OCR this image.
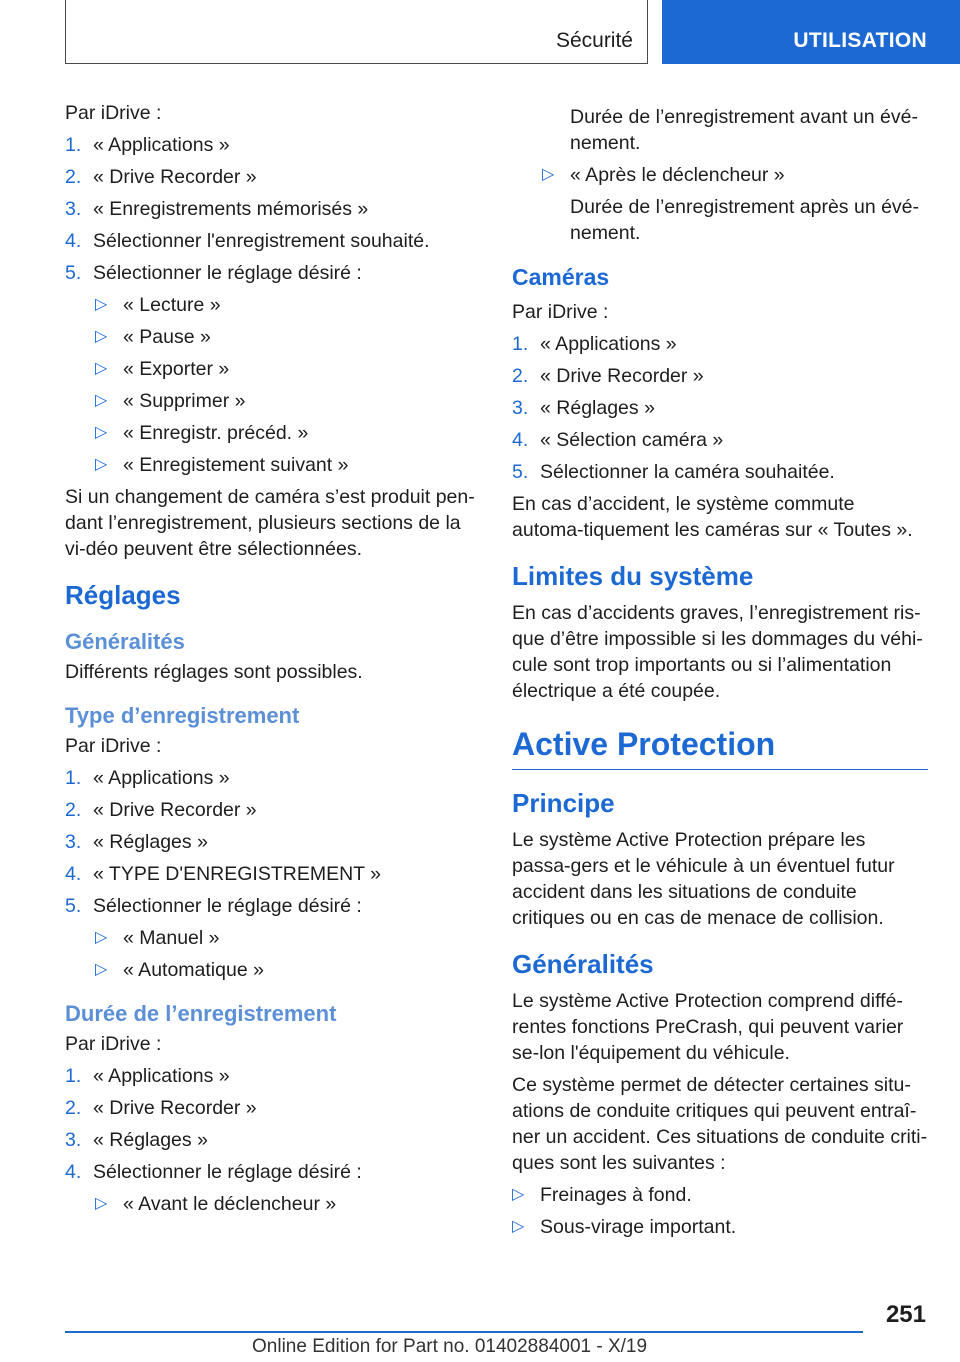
Sécurité	UTILISATION

Par iDrive :

1. « Applications »
2. « Drive Recorder »
3. « Enregistrements mémorisés »
4. Sélectionner l'enregistrement souhaité.
5. Sélectionner le réglage désiré :
▷ « Lecture »
▷ « Pause »
▷ « Exporter »
▷ « Supprimer »
▷ « Enregistr. précéd. »
▷ « Enregistement suivant »

Si un changement de caméra s’est produit pen-dant l’enregistrement, plusieurs sections de la vi-déo peuvent être sélectionnées.

Réglages
Généralités

Différents réglages sont possibles.

Type d’enregistrement

Par iDrive :

1. « Applications »
2. « Drive Recorder »
3. « Réglages »
4. « TYPE D'ENREGISTREMENT »
5. Sélectionner le réglage désiré :
▷ « Manuel »
▷ « Automatique »
Durée de l’enregistrement

Par iDrive :

1. « Applications »
2. « Drive Recorder »
3. « Réglages »
4. Sélectionner le réglage désiré :
▷ « Avant le déclencheur »

Durée de l’enregistrement avant un évé-nement.

▷ « Après le déclencheur »

Durée de l’enregistrement après un évé-nement.

Caméras

Par iDrive :

1. « Applications »
2. « Drive Recorder »
3. « Réglages »
4. « Sélection caméra »
5. Sélectionner la caméra souhaitée.

En cas d’accident, le système commute automa-tiquement les caméras sur « Toutes ».

Limites du système

En cas d’accidents graves, l’enregistrement ris-que d’être impossible si les dommages du véhi-cule sont trop importants ou si l’alimentation électrique a été coupée.

Active Protection
Principe

Le système Active Protection prépare les passa-gers et le véhicule à un éventuel futur accident dans les situations de conduite critiques ou en cas de menace de collision.

Généralités

Le système Active Protection comprend diffé-rentes fonctions PreCrash, qui peuvent varier se-lon l'équipement du véhicule.

Ce système permet de détecter certaines situ-ations de conduite critiques qui peuvent entraî-ner un accident. Ces situations de conduite criti-ques sont les suivantes :

▷ Freinages à fond.
▷ Sous-virage important.
251
Online Edition for Part no. 01402884001 - X/19
